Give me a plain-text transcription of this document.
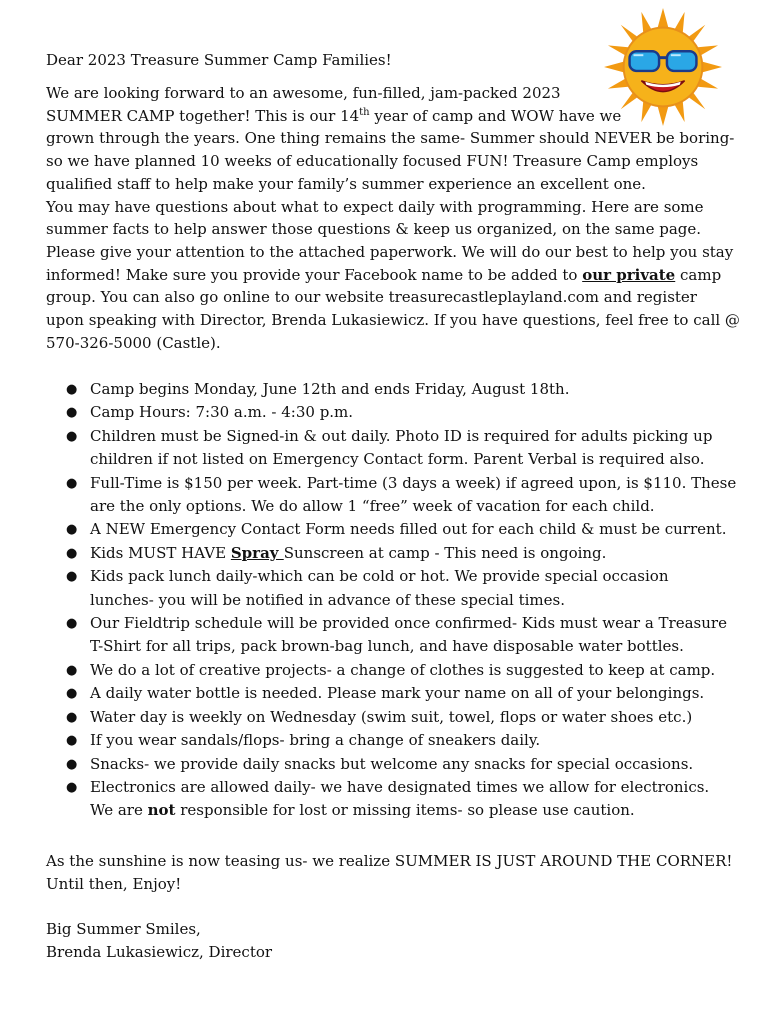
Dear 2023 Treasure Summer Camp Families!
We are looking forward to an awesome, fun-filled, jam-packed 2023
SUMMER CAMP together! This is our 14th year of camp and WOW have we
grown through the years. One thing remains the same- Summer should NEVER be boring-
so we have planned 10 weeks of educationally focused FUN! Treasure Camp employs
qualified staff to help make your family’s summer experience an excellent one.
You may have questions about what to expect daily with programming. Here are some
summer facts to help answer those questions & keep us organized, on the same page.
Please give your attention to the attached paperwork. We will do our best to help you stay
informed! Make sure you provide your Facebook name to be added to our private camp
group. You can also go online to our website treasurecastleplayland.com and register
upon speaking with Director, Brenda Lukasiewicz. If you have questions, feel free to call @
570-326-5000 (Castle).
● Camp begins Monday, June 12th and ends Friday, August 18th.
● Camp Hours: 7:30 a.m. - 4:30 p.m.
● Children must be Signed-in & out daily. Photo ID is required for adults picking up
children if not listed on Emergency Contact form. Parent Verbal is required also.
● Full-Time is $150 per week. Part-time (3 days a week) if agreed upon, is $110. These
are the only options. We do allow 1 “free” week of vacation for each child.
● A NEW Emergency Contact Form needs filled out for each child & must be current.
● Kids MUST HAVE Spray Sunscreen at camp - This need is ongoing.
● Kids pack lunch daily-which can be cold or hot. We provide special occasion
lunches- you will be notified in advance of these special times.
● Our Fieldtrip schedule will be provided once confirmed- Kids must wear a Treasure
T-Shirt for all trips, pack brown-bag lunch, and have disposable water bottles.
● We do a lot of creative projects- a change of clothes is suggested to keep at camp.
● A daily water bottle is needed. Please mark your name on all of your belongings.
● Water day is weekly on Wednesday (swim suit, towel, flops or water shoes etc.)
● If you wear sandals/flops- bring a change of sneakers daily.
● Snacks- we provide daily snacks but welcome any snacks for special occasions.
● Electronics are allowed daily- we have designated times we allow for electronics.
We are not responsible for lost or missing items- so please use caution.
As the sunshine is now teasing us- we realize SUMMER IS JUST AROUND THE CORNER!
Until then, Enjoy!
Big Summer Smiles,
Brenda Lukasiewicz, Director
